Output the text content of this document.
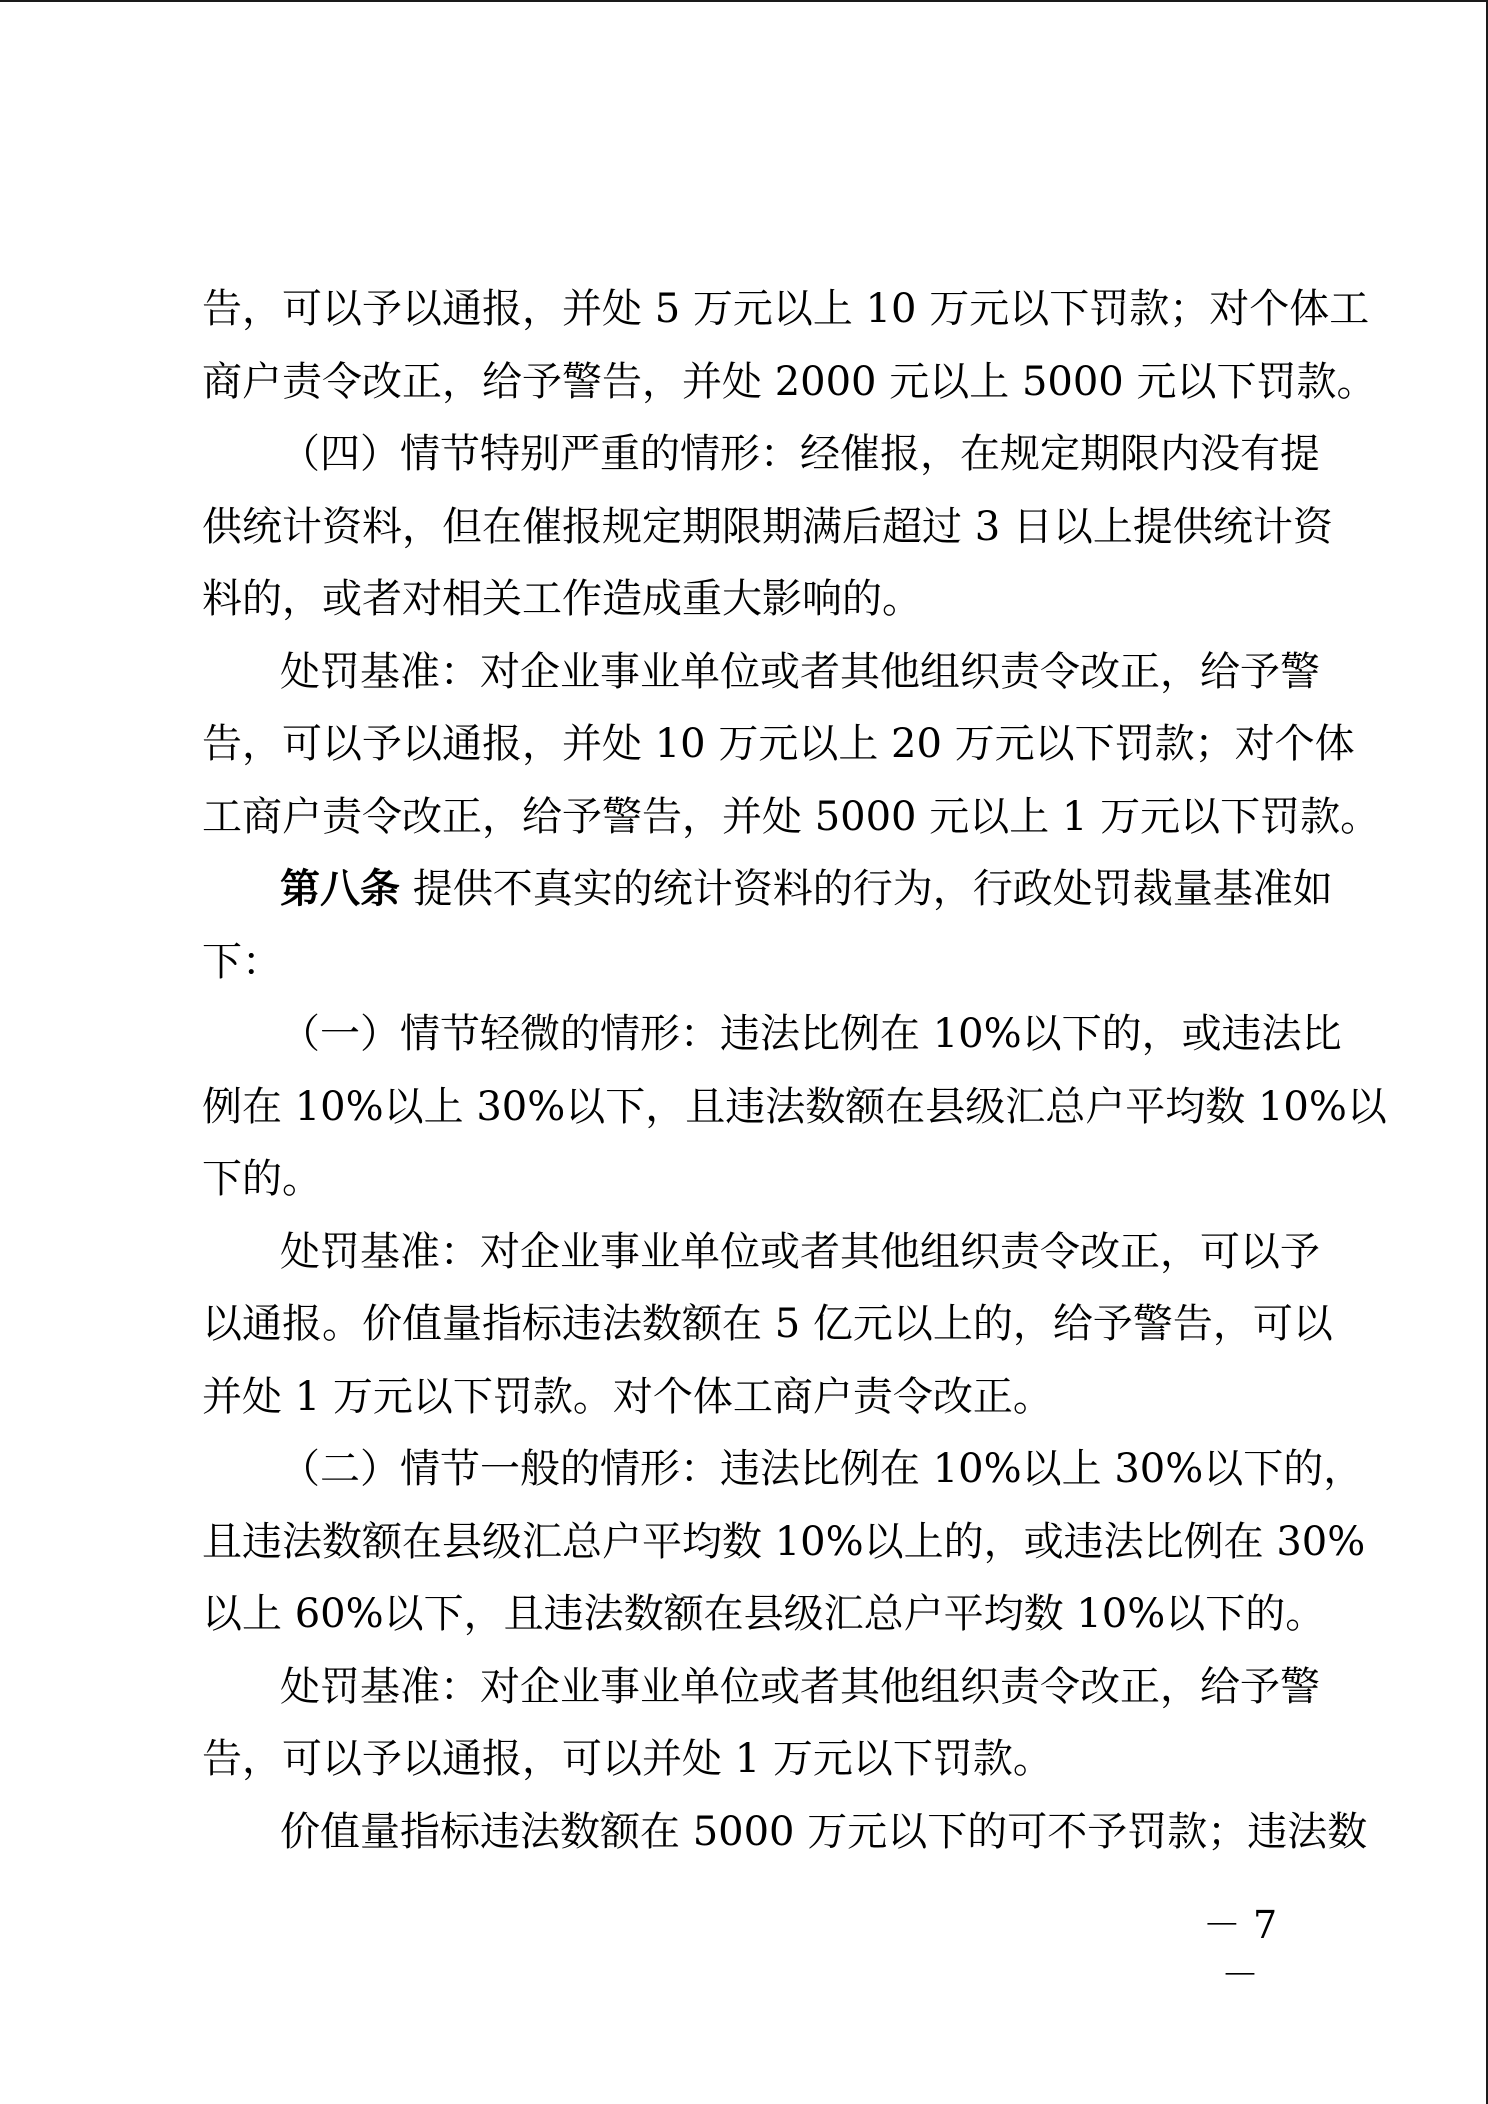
告，可以予以通报，并处 5 万元以上 10 万元以下罚款；对个体工
商户责令改正，给予警告，并处 2000 元以上 5000 元以下罚款。
（四）情节特别严重的情形：经催报，在规定期限内没有提
供统计资料，但在催报规定期限期满后超过 3 日以上提供统计资
料的，或者对相关工作造成重大影响的。
处罚基准：对企业事业单位或者其他组织责令改正，给予警
告，可以予以通报，并处 10 万元以上 20 万元以下罚款；对个体
工商户责令改正，给予警告，并处 5000 元以上 1 万元以下罚款。
第八条 提供不真实的统计资料的行为，行政处罚裁量基准如
下：
（一）情节轻微的情形：违法比例在 10%以下的，或违法比
例在 10%以上 30%以下，且违法数额在县级汇总户平均数 10%以
下的。
处罚基准：对企业事业单位或者其他组织责令改正，可以予
以通报。价值量指标违法数额在 5 亿元以上的，给予警告，可以
并处 1 万元以下罚款。对个体工商户责令改正。
（二）情节一般的情形：违法比例在 10%以上 30%以下的，
且违法数额在县级汇总户平均数 10%以上的，或违法比例在 30%
以上 60%以下，且违法数额在县级汇总户平均数 10%以下的。
处罚基准：对企业事业单位或者其他组织责令改正，给予警
告，可以予以通报，可以并处 1 万元以下罚款。
价值量指标违法数额在 5000 万元以下的可不予罚款；违法数
－ 7 －
